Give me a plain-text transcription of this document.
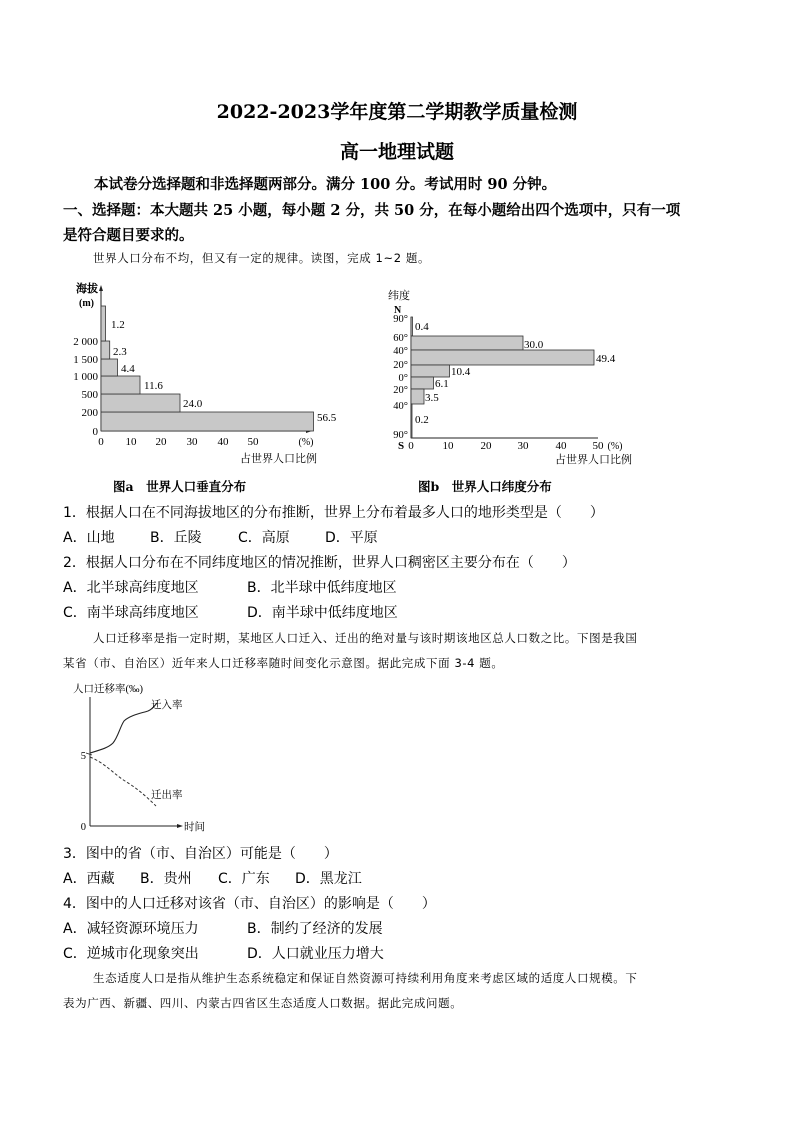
2022-2023学年度第二学期教学质量检测
高一地理试题
本试卷分选择题和非选择题两部分。满分 100 分。考试用时 90 分钟。
一、选择题：本大题共 25 小题，每小题 2 分，共 50 分，在每小题给出四个选项中，只有一项
是符合题目要求的。
世界人口分布不均，但又有一定的规律。读图，完成 1~2 题。
海拔
(m)
56.5
24.0
11.6
4.4
2.3
1.2
0
200
500
1 000
1 500
2 000
0 10 20 30 40 50	(%)
占世界人口比例
纬度
N
0.4
30.0
49.4
10.4
6.1
3.5
0.2
90°
60°
40°
20°
0°
20°
40°
90°
S 0	10 20 30 40 50 (%)
占世界人口比例
图a　世界人口垂直分布	图b　世界人口纬度分布
1．根据人口在不同海拔地区的分布推断，世界上分布着最多人口的地形类型是（　　）
A．山地	B．丘陵	C．高原	D．平原
2．根据人口分布在不同纬度地区的情况推断，世界人口稠密区主要分布在（　　）
A．北半球高纬度地区	B．北半球中低纬度地区
C．南半球高纬度地区	D．南半球中低纬度地区
人口迁移率是指一定时期，某地区人口迁入、迁出的绝对量与该时期该地区总人口数之比。下图是我国
某省（市、自治区）近年来人口迁移率随时间变化示意图。据此完成下面 3-4 题。
人口迁移率(‰)
时间
0
5
迁入率
迁出率
3．图中的省（市、自治区）可能是（　　）
A．西藏 B．贵州 C．广东 D．黑龙江
4．图中的人口迁移对该省（市、自治区）的影响是（　　）
A．减轻资源环境压力	B．制约了经济的发展
C．逆城市化现象突出	D．人口就业压力增大
生态适度人口是指从维护生态系统稳定和保证自然资源可持续利用角度来考虑区域的适度人口规模。下
表为广西、新疆、四川、内蒙古四省区生态适度人口数据。据此完成问题。
